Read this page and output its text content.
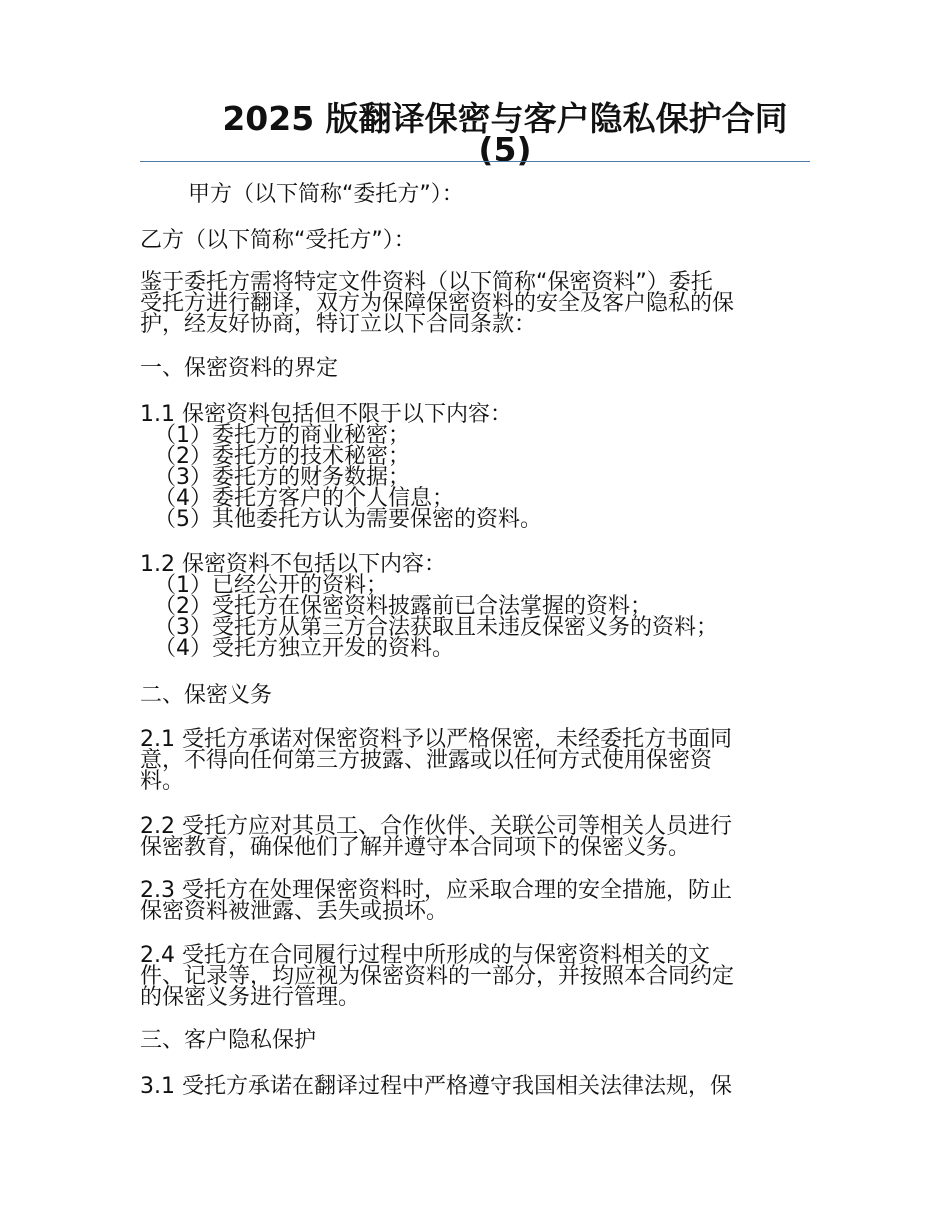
2025 版翻译保密与客户隐私保护合同(5)

甲方（以下简称“委托方”）：

乙方（以下简称“受托方”）：

鉴于委托方需将特定文件资料（以下简称“保密资料”）委托
受托方进行翻译，双方为保障保密资料的安全及客户隐私的保
护，经友好协商，特订立以下合同条款：

一、保密资料的界定

1.1 保密资料包括但不限于以下内容：
（1）委托方的商业秘密；
（2）委托方的技术秘密；
（3）委托方的财务数据；
（4）委托方客户的个人信息；
（5）其他委托方认为需要保密的资料。
1.2 保密资料不包括以下内容：
（1）已经公开的资料；
（2）受托方在保密资料披露前已合法掌握的资料；
（3）受托方从第三方合法获取且未违反保密义务的资料；
（4）受托方独立开发的资料。

二、保密义务

2.1 受托方承诺对保密资料予以严格保密，未经委托方书面同
意，不得向任何第三方披露、泄露或以任何方式使用保密资
料。
2.2 受托方应对其员工、合作伙伴、关联公司等相关人员进行
保密教育，确保他们了解并遵守本合同项下的保密义务。
2.3 受托方在处理保密资料时，应采取合理的安全措施，防止
保密资料被泄露、丢失或损坏。
2.4 受托方在合同履行过程中所形成的与保密资料相关的文
件、记录等，均应视为保密资料的一部分，并按照本合同约定
的保密义务进行管理。

三、客户隐私保护

3.1 受托方承诺在翻译过程中严格遵守我国相关法律法规，保
